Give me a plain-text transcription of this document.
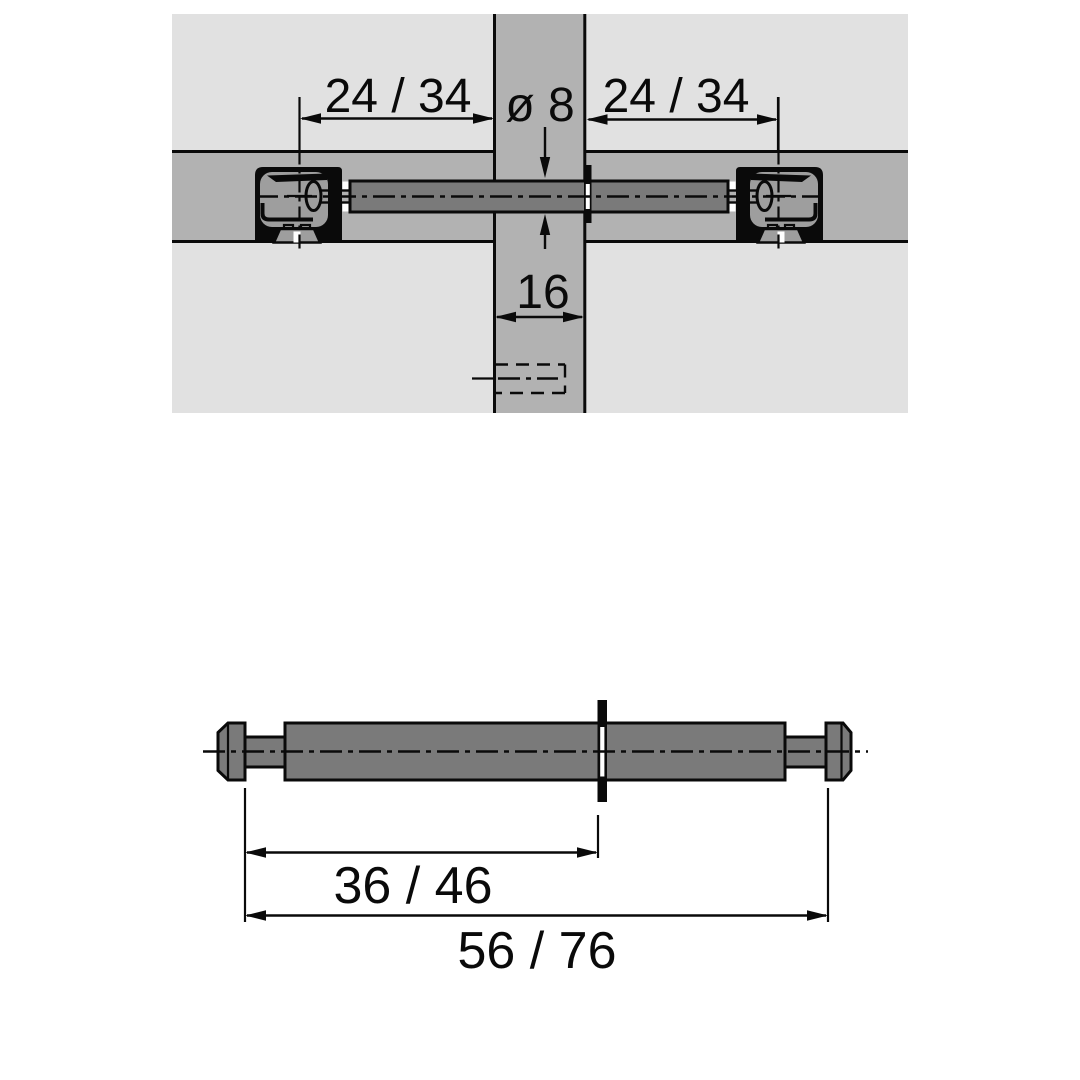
24 / 34	24 / 34
ø 8
16
36 / 46
56 / 76
